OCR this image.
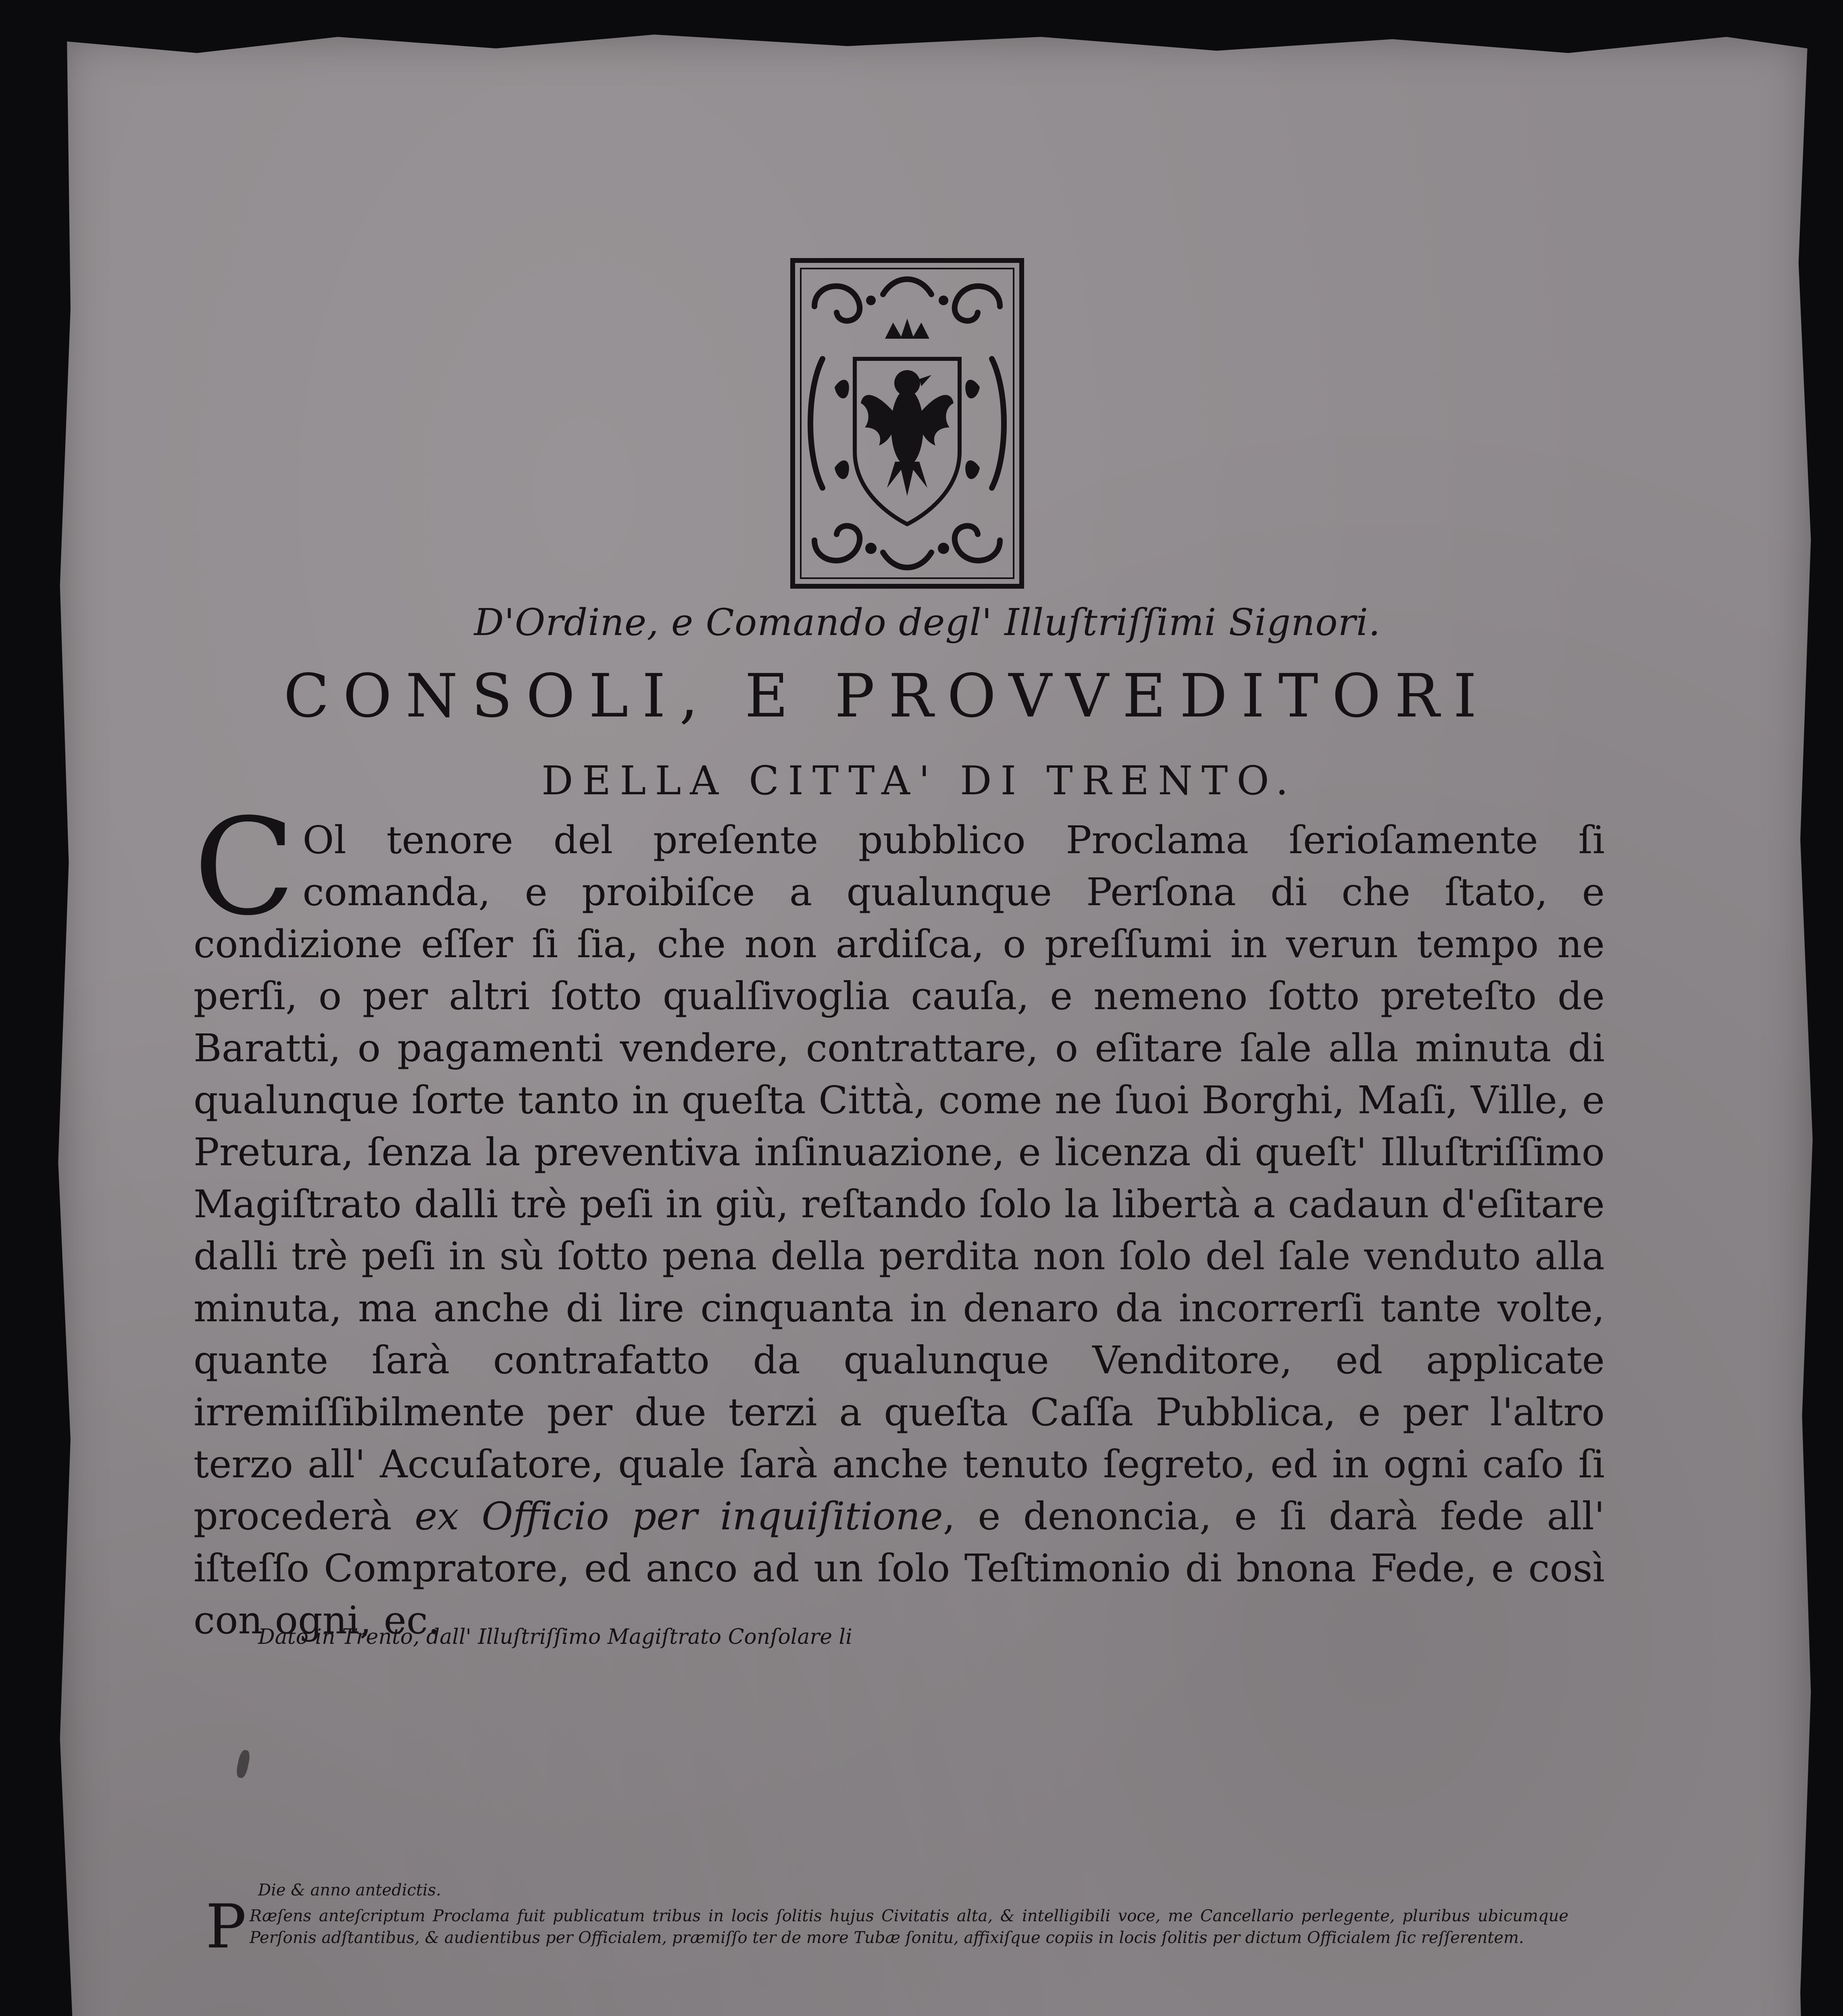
D'Ordine, e Comando degl' Illuſtriſſimi Signori.
CONSOLI, E PROVVEDITORI
DELLA CITTA' DI TRENTO.
C Ol tenore del preſente pubblico Proclama ſerioſamente ſi comanda, e proibiſce a qualunque Perſona di che ſtato, e condizione eſſer ſi ſia, che non ardiſca, o preſſumi in verun tempo ne perſi, o per altri ſotto qualſivoglia cauſa, e nemeno ſotto preteſto de Baratti, o pagamenti vendere, contrattare, o eſitare ſale alla minuta di qualunque ſorte tanto in queſta Città, come ne ſuoi Borghi, Maſi, Ville, e Pretura, ſenza la preventiva inſinuazione, e licenza di queſt' Illuſtriſſimo Magiſtrato dalli trè peſi in giù, reſtando ſolo la libertà a cadaun d'eſitare dalli trè peſi in sù ſotto pena della perdita non ſolo del ſale venduto alla minuta, ma anche di lire cinquanta in denaro da incorrerſi tante volte, quante ſarà contrafatto da qualunque Venditore, ed applicate irremiſſibilmente per due terzi a queſta Caſſa Pubblica, e per l'altro terzo all' Accuſatore, quale ſarà anche tenuto ſegreto, ed in ogni caſo ſi procederà ex Officio per inquiſitione, e denoncia, e ſi darà fede all' iſteſſo Compratore, ed anco ad un ſolo Teſtimonio di bnona Fede, e così con ogni, ec.
Dato in Trento, dall' Illuſtriſſimo Magiſtrato Conſolare li
Die & anno antedictis.
P Ræſens anteſcriptum Proclama fuit publicatum tribus in locis ſolitis hujus Civitatis alta, & intelligibili voce, me Cancellario perlegente, pluribus ubicumque Perſonis adſtantibus, & audientibus per Officialem, præmiſſo ter de more Tubæ ſonitu, affixiſque copiis in locis ſolitis per dictum Officialem ſic reſſerentem.
